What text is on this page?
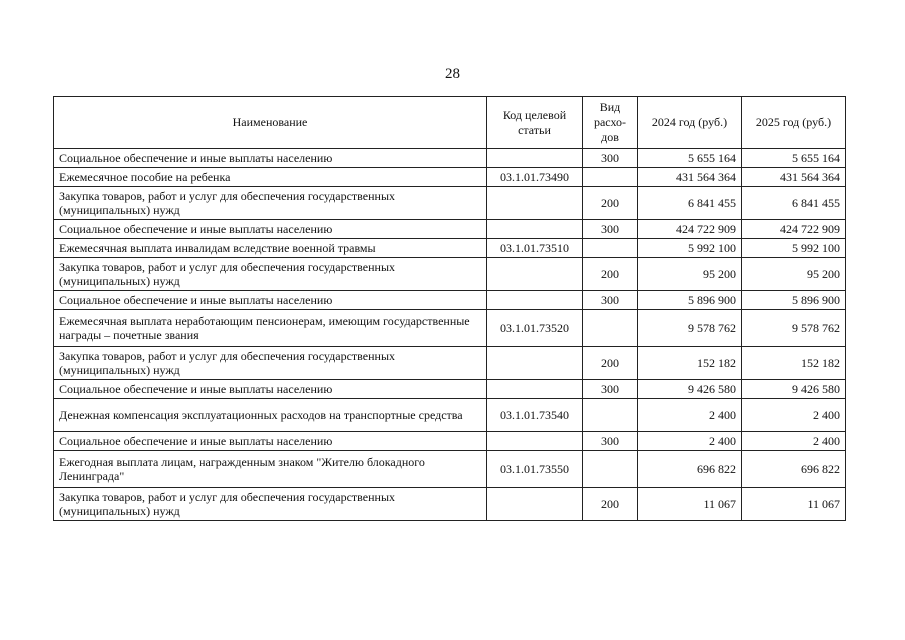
28
Наименование	Код целевой статьи	Вид расхо-дов	2024 год (руб.)	2025 год (руб.)
Социальное обеспечение и иные выплаты населению		300	5 655 164	5 655 164
Ежемесячное пособие на ребенка	03.1.01.73490		431 564 364	431 564 364
Закупка товаров, работ и услуг для обеспечения государственных (муниципальных) нужд		200	6 841 455	6 841 455
Социальное обеспечение и иные выплаты населению		300	424 722 909	424 722 909
Ежемесячная выплата инвалидам вследствие военной травмы	03.1.01.73510		5 992 100	5 992 100
Закупка товаров, работ и услуг для обеспечения государственных (муниципальных) нужд		200	95 200	95 200
Социальное обеспечение и иные выплаты населению		300	5 896 900	5 896 900
Ежемесячная выплата неработающим пенсионерам, имеющим государственные награды – почетные звания	03.1.01.73520		9 578 762	9 578 762
Закупка товаров, работ и услуг для обеспечения государственных (муниципальных) нужд		200	152 182	152 182
Социальное обеспечение и иные выплаты населению		300	9 426 580	9 426 580
Денежная компенсация эксплуатационных расходов на транспортные средства	03.1.01.73540		2 400	2 400
Социальное обеспечение и иные выплаты населению		300	2 400	2 400
Ежегодная выплата лицам, награжденным знаком "Жителю блокадного Ленинграда"	03.1.01.73550		696 822	696 822
Закупка товаров, работ и услуг для обеспечения государственных (муниципальных) нужд		200	11 067	11 067
